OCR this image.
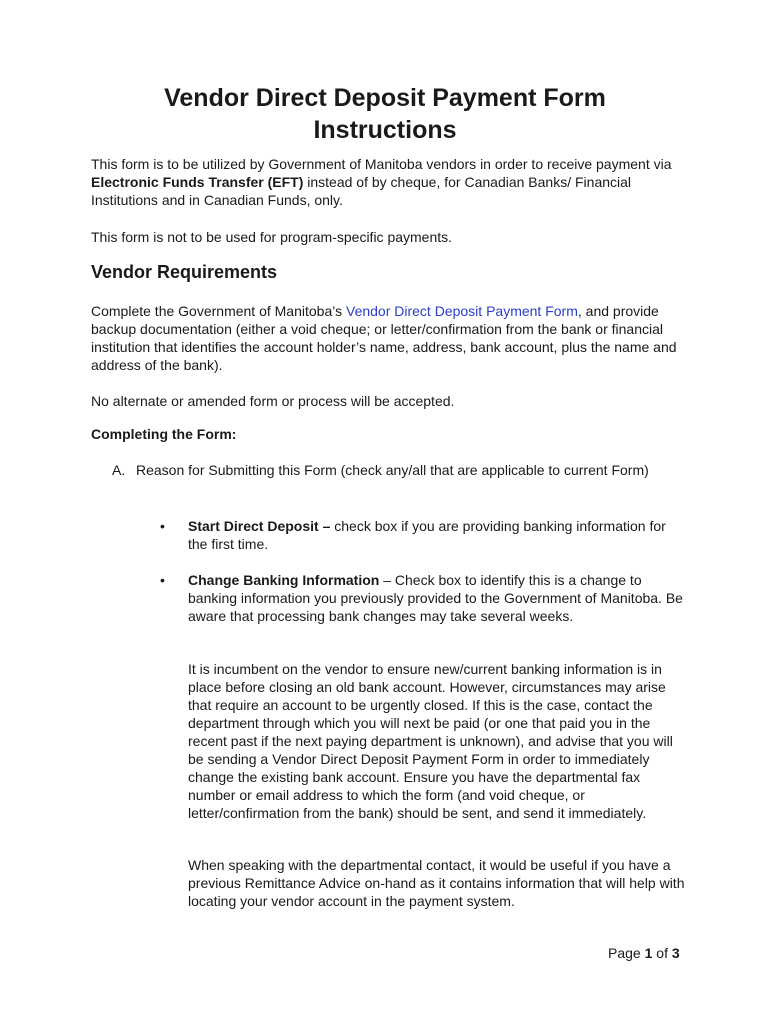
Vendor Direct Deposit Payment Form
Instructions

This form is to be utilized by Government of Manitoba vendors in order to receive payment via Electronic Funds Transfer (EFT) instead of by cheque, for Canadian Banks/ Financial Institutions and in Canadian Funds, only.

This form is not to be used for program-specific payments.

Vendor Requirements

Complete the Government of Manitoba’s Vendor Direct Deposit Payment Form, and provide backup documentation (either a void cheque; or letter/confirmation from the bank or financial institution that identifies the account holder’s name, address, bank account, plus the name and address of the bank).

No alternate or amended form or process will be accepted.

Completing the Form:
A. Reason for Submitting this Form (check any/all that are applicable to current Form)

• Start Direct Deposit – check box if you are providing banking information for the first time.

• Change Banking Information – Check box to identify this is a change to banking information you previously provided to the Government of Manitoba. Be aware that processing bank changes may take several weeks.

It is incumbent on the vendor to ensure new/current banking information is in place before closing an old bank account. However, circumstances may arise that require an account to be urgently closed. If this is the case, contact the department through which you will next be paid (or one that paid you in the recent past if the next paying department is unknown), and advise that you will be sending a Vendor Direct Deposit Payment Form in order to immediately change the existing bank account. Ensure you have the departmental fax number or email address to which the form (and void cheque, or letter/confirmation from the bank) should be sent, and send it immediately.

When speaking with the departmental contact, it would be useful if you have a previous Remittance Advice on-hand as it contains information that will help with locating your vendor account in the payment system.

Page 1 of 3
